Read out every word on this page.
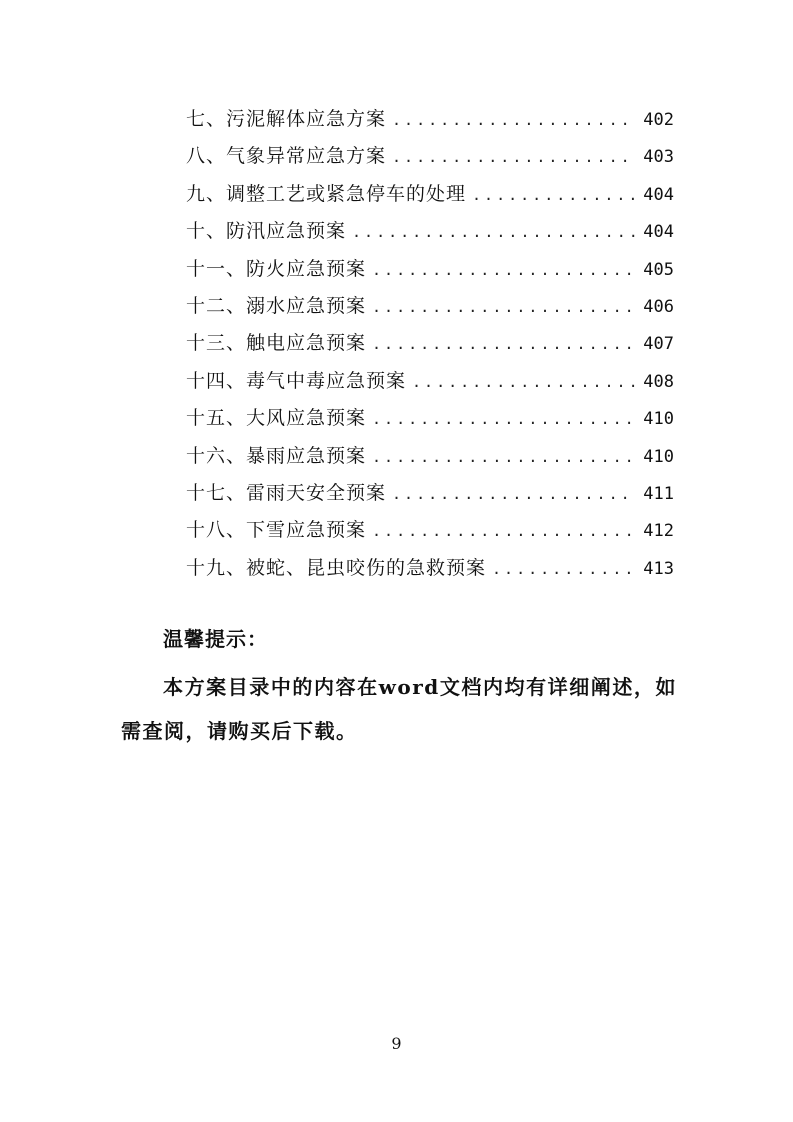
七、污泥解体应急方案 .....	402
八、气象异常应急方案 .....	403
九、调整工艺或紧急停车的处理 .....	404
十、防汛应急预案 .....	404
十一、防火应急预案 .....	405
十二、溺水应急预案 .....	406
十三、触电应急预案 .....	407
十四、毒气中毒应急预案 .....	408
十五、大风应急预案 .....	410
十六、暴雨应急预案 .....	410
十七、雷雨天安全预案 .....	411
十八、下雪应急预案 .....	412
十九、被蛇、昆虫咬伤的急救预案 .....	413

温馨提示：

本方案目录中的内容在word文档内均有详细阐述，如需查阅，请购买后下载。

9
